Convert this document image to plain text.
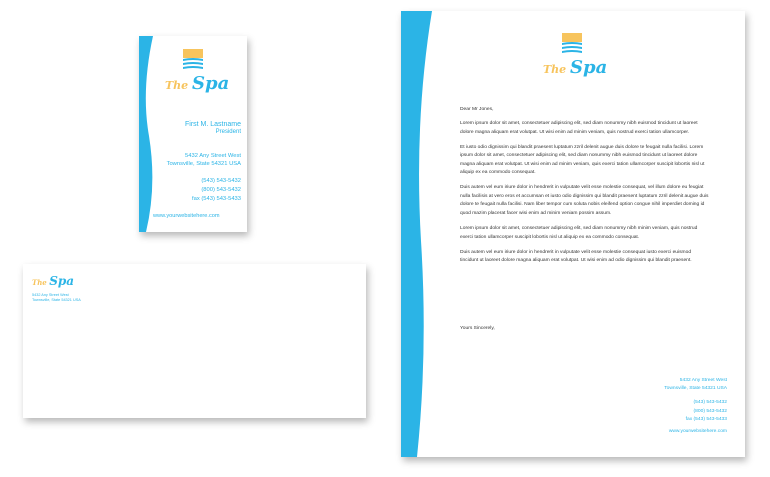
The Spa
First M. Lastname
President
5432 Any Street West
Townsville, State 54321 USA
(543) 543-5432
(800) 543-5432
fax (543) 543-5433
www.yourwebsitehere.com
The Spa
5432 Any Street West
Townsville, State 54321 USA
The Spa
Dear Mr Jones,

Lorem ipsum dolor sit amet, consectetuer adipiscing elit, sed diam nonummy nibh euismod tincidunt ut laoreet dolore magna aliquam erat volutpat. Ut wisi enim ad minim veniam, quis nostrud exerci tation ullamcorper.

Et iusto odio dignissim qui blandit praesent luptatum zzril delenit augue duis dolore te feugait nulla facilisi. Lorem ipsum dolor sit amet, consectetuer adipiscing elit, sed diam nonummy nibh euismod tincidunt ut laoreet dolore magna aliquam erat volutpat. Ut wisi enim ad minim veniam, quis exerci tation ullamcorper suscipit lobortis nisl ut aliquip ex ea commodo consequat.

Duis autem vel eum iriure dolor in hendrerit in vulputate velit esse molestie consequat, vel illum dolore eu feugiat nulla facilisis at vero eros et accumsan et iusto odio dignissim qui blandit praesent luptatum zzril delenit augue duis dolore te feugait nulla facilisi. Nam liber tempor cum soluta nobis eleifend option congue nihil imperdiet doming id quod mazim placerat facer wisi enim ad minim veniam possim assum.

Lorem ipsum dolor sit amet, consectetuer adipiscing elit, sed diam nonummy nibh minim veniam, quis nostrud exerci tation ullamcorper suscipit lobortis nisl ut aliquip ex ea commodo consequat.

Duis autem vel eum iriure dolor in hendrerit in vulputate velit esse molestie consequat iusto exerci euismod tincidunt ut laoreet dolore magna aliquam erat volutpat. Ut wisi enim ad odio dignissim qui blandit praesent.

Yours Sincerely,
5432 Any Street West
Townsville, State 54321 USA
(543) 543-5432
(800) 543-5432
fax (543) 543-5433
www.yourwebsitehere.com
